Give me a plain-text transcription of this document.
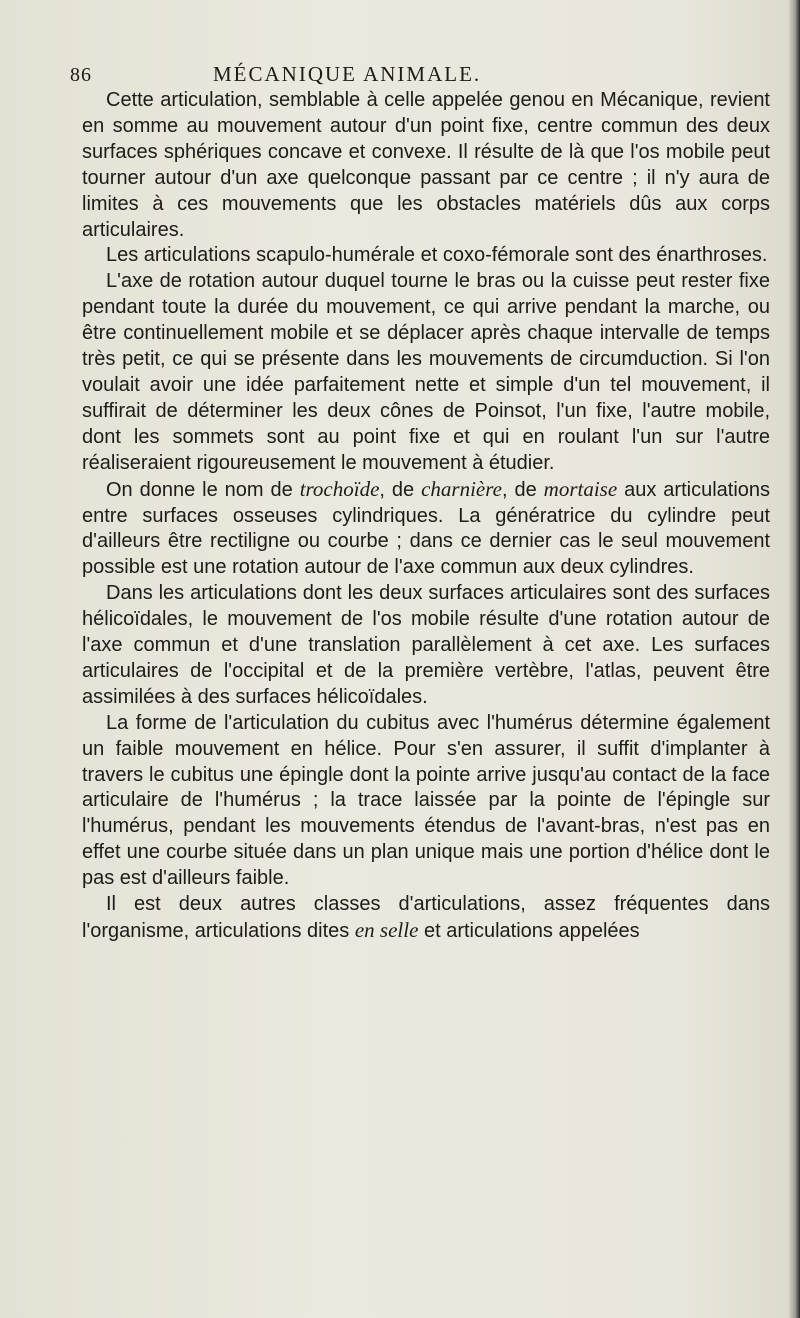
86	MÉCANIQUE ANIMALE.

Cette articulation, semblable à celle appelée genou en Mécanique, revient en somme au mouvement autour d'un point fixe, centre commun des deux surfaces sphériques concave et convexe. Il résulte de là que l'os mobile peut tourner autour d'un axe quelconque passant par ce centre ; il n'y aura de limites à ces mouvements que les obstacles matériels dûs aux corps articulaires.

Les articulations scapulo-humérale et coxo-fémorale sont des énarthroses.

L'axe de rotation autour duquel tourne le bras ou la cuisse peut rester fixe pendant toute la durée du mouvement, ce qui arrive pendant la marche, ou être continuellement mobile et se déplacer après chaque intervalle de temps très petit, ce qui se présente dans les mouvements de circumduction. Si l'on voulait avoir une idée parfaitement nette et simple d'un tel mouvement, il suffirait de déterminer les deux cônes de Poinsot, l'un fixe, l'autre mobile, dont les sommets sont au point fixe et qui en roulant l'un sur l'autre réaliseraient rigoureusement le mouvement à étudier.

On donne le nom de trochoïde, de charnière, de mortaise aux articulations entre surfaces osseuses cylindriques. La génératrice du cylindre peut d'ailleurs être rectiligne ou courbe ; dans ce dernier cas le seul mouvement possible est une rotation autour de l'axe commun aux deux cylindres.

Dans les articulations dont les deux surfaces articulaires sont des surfaces hélicoïdales, le mouvement de l'os mobile résulte d'une rotation autour de l'axe commun et d'une translation parallèlement à cet axe. Les surfaces articulaires de l'occipital et de la première vertèbre, l'atlas, peuvent être assimilées à des surfaces hélicoïdales.

La forme de l'articulation du cubitus avec l'humérus détermine également un faible mouvement en hélice. Pour s'en assurer, il suffit d'implanter à travers le cubitus une épingle dont la pointe arrive jusqu'au contact de la face articulaire de l'humérus ; la trace laissée par la pointe de l'épingle sur l'humérus, pendant les mouvements étendus de l'avant-bras, n'est pas en effet une courbe située dans un plan unique mais une portion d'hélice dont le pas est d'ailleurs faible.

Il est deux autres classes d'articulations, assez fréquentes dans l'organisme, articulations dites en selle et articulations appelées
